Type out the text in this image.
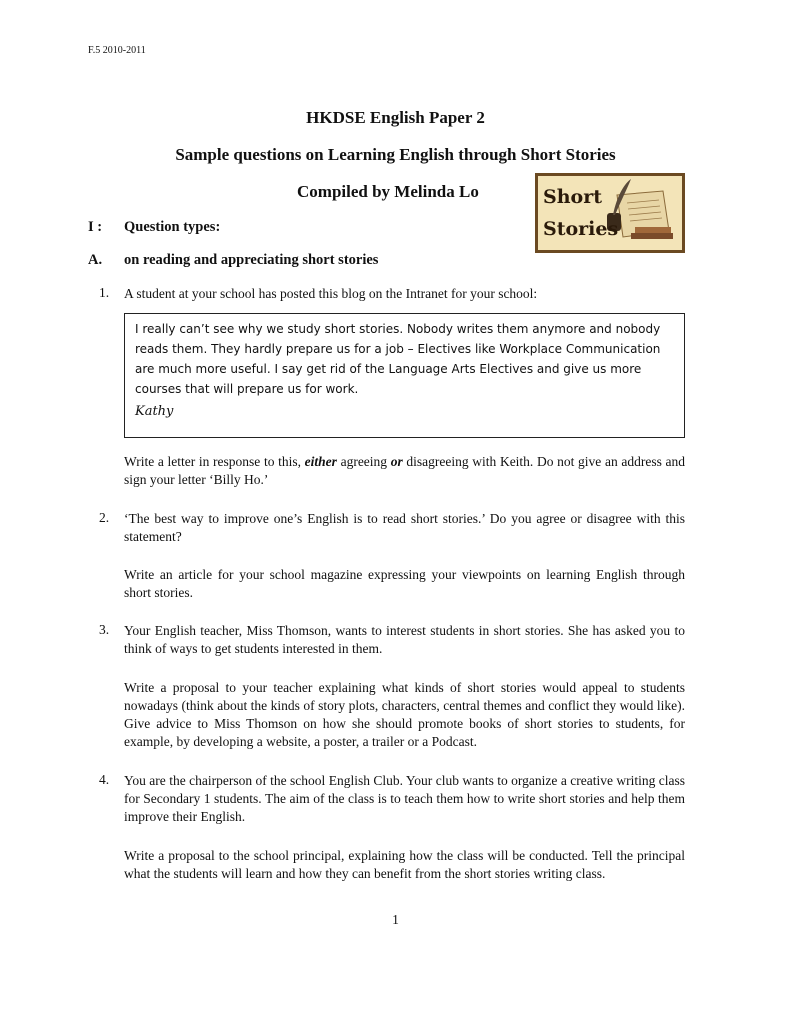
F.5 2010-2011
HKDSE English Paper 2
Sample questions on Learning English through Short Stories
Compiled by Melinda Lo	Short
Stories
I : Question types:
A. on reading and appreciating short stories
1. A student at your school has posted this blog on the Intranet for your school:
I really can’t see why we study short stories. Nobody writes them anymore and nobody reads them. They hardly prepare us for a job – Electives like Workplace Communication are much more useful. I say get rid of the Language Arts Electives and give us more courses that will prepare us for work.
Kathy
Write a letter in response to this, either agreeing or disagreeing with Keith. Do not give an address and sign your letter ‘Billy Ho.’
2. ‘The best way to improve one’s English is to read short stories.’ Do you agree or disagree with this statement?
Write an article for your school magazine expressing your viewpoints on learning English through short stories.
3. Your English teacher, Miss Thomson, wants to interest students in short stories. She has asked you to think of ways to get students interested in them.
Write a proposal to your teacher explaining what kinds of short stories would appeal to students nowadays (think about the kinds of story plots, characters, central themes and conflict they would like). Give advice to Miss Thomson on how she should promote books of short stories to students, for example, by developing a website, a poster, a trailer or a Podcast.
4. You are the chairperson of the school English Club. Your club wants to organize a creative writing class for Secondary 1 students. The aim of the class is to teach them how to write short stories and help them improve their English.
Write a proposal to the school principal, explaining how the class will be conducted. Tell the principal what the students will learn and how they can benefit from the short stories writing class.
1
